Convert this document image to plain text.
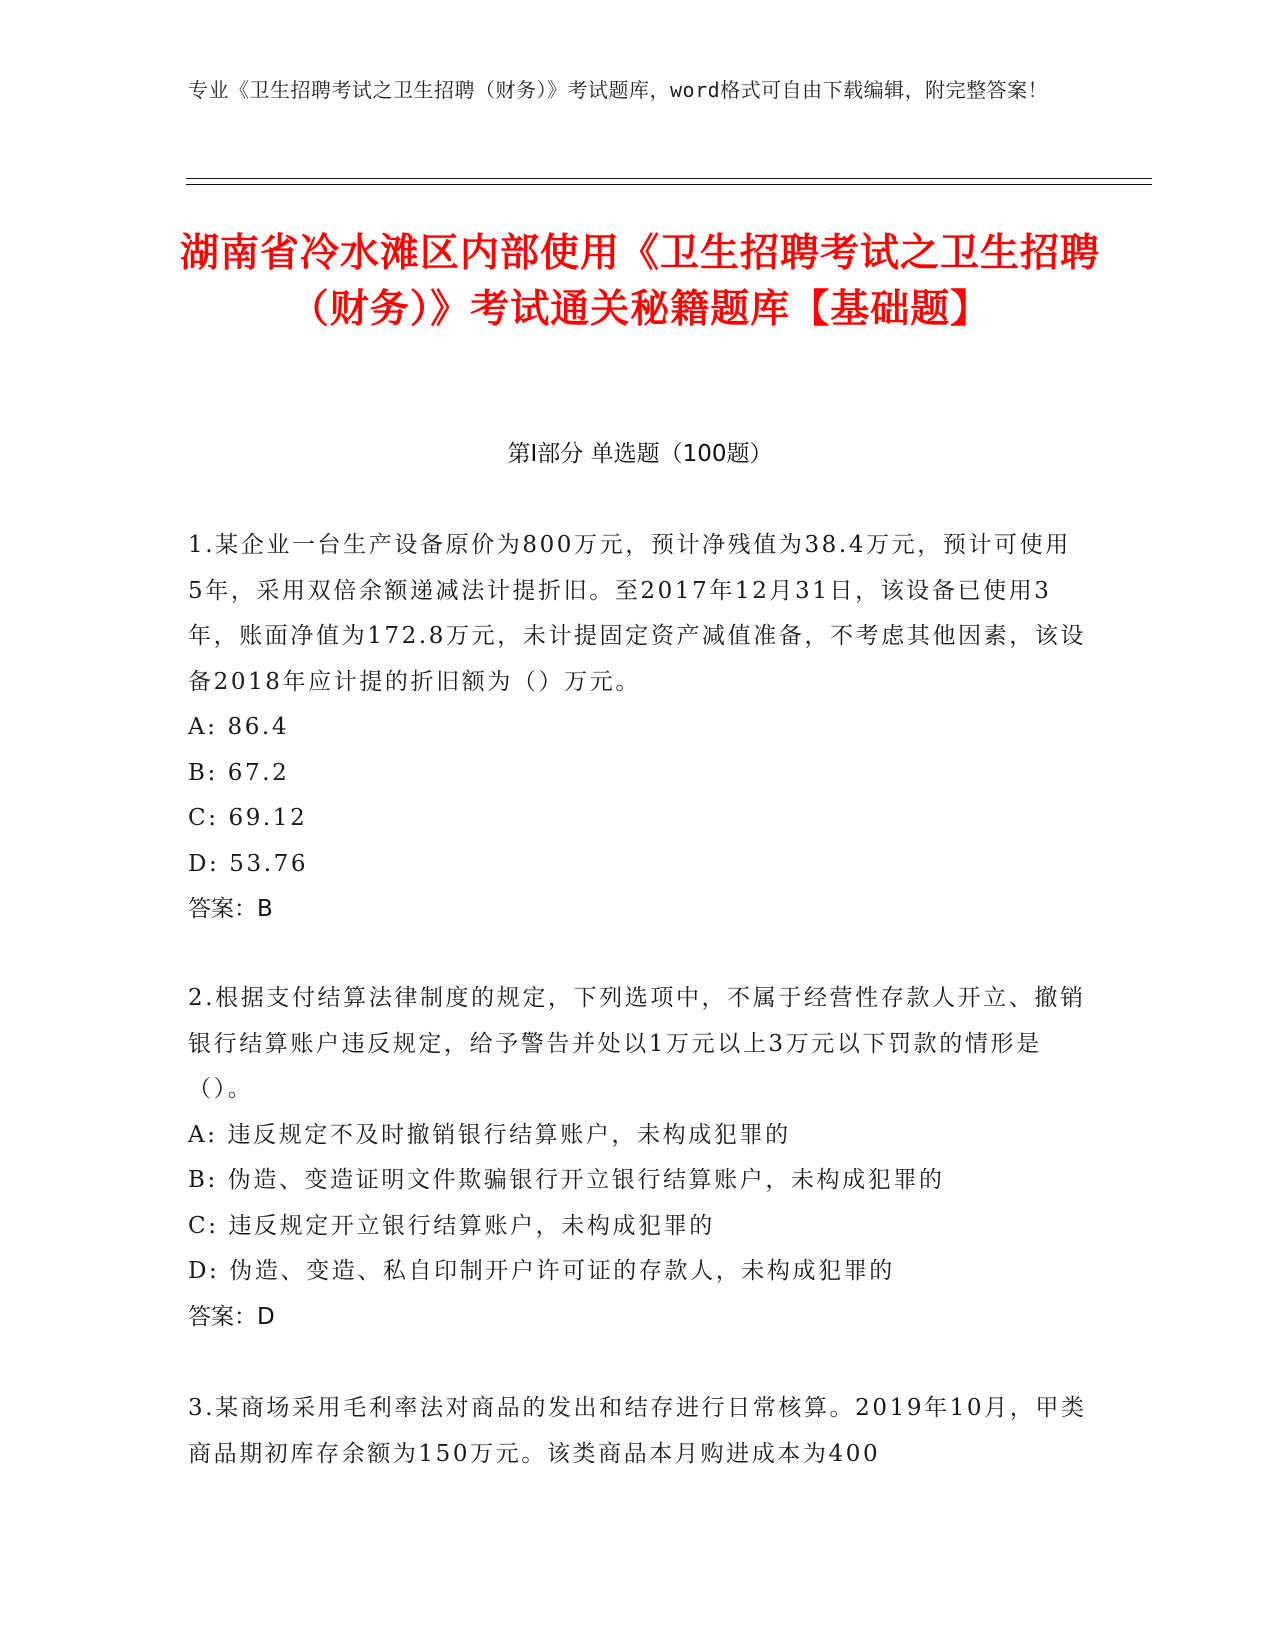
专业《卫生招聘考试之卫生招聘（财务）》考试题库，word格式可自由下载编辑，附完整答案！
湖南省冷水滩区内部使用《卫生招聘考试之卫生招聘（财务）》考试通关秘籍题库【基础题】
第I部分 单选题（100题）

1.某企业一台生产设备原价为800万元，预计净残值为38.4万元，预计可使用5年，采用双倍余额递减法计提折旧。至2017年12月31日，该设备已使用3年，账面净值为172.8万元，未计提固定资产减值准备，不考虑其他因素，该设备2018年应计提的折旧额为（）万元。

A: 86.4
B: 67.2
C: 69.12
D: 53.76
答案：B

2.根据支付结算法律制度的规定，下列选项中，不属于经营性存款人开立、撤销银行结算账户违反规定，给予警告并处以1万元以上3万元以下罚款的情形是（）。

A: 违反规定不及时撤销银行结算账户，未构成犯罪的
B: 伪造、变造证明文件欺骗银行开立银行结算账户，未构成犯罪的
C: 违反规定开立银行结算账户，未构成犯罪的
D: 伪造、变造、私自印制开户许可证的存款人，未构成犯罪的
答案：D

3.某商场采用毛利率法对商品的发出和结存进行日常核算。2019年10月，甲类商品期初库存余额为150万元。该类商品本月购进成本为400
